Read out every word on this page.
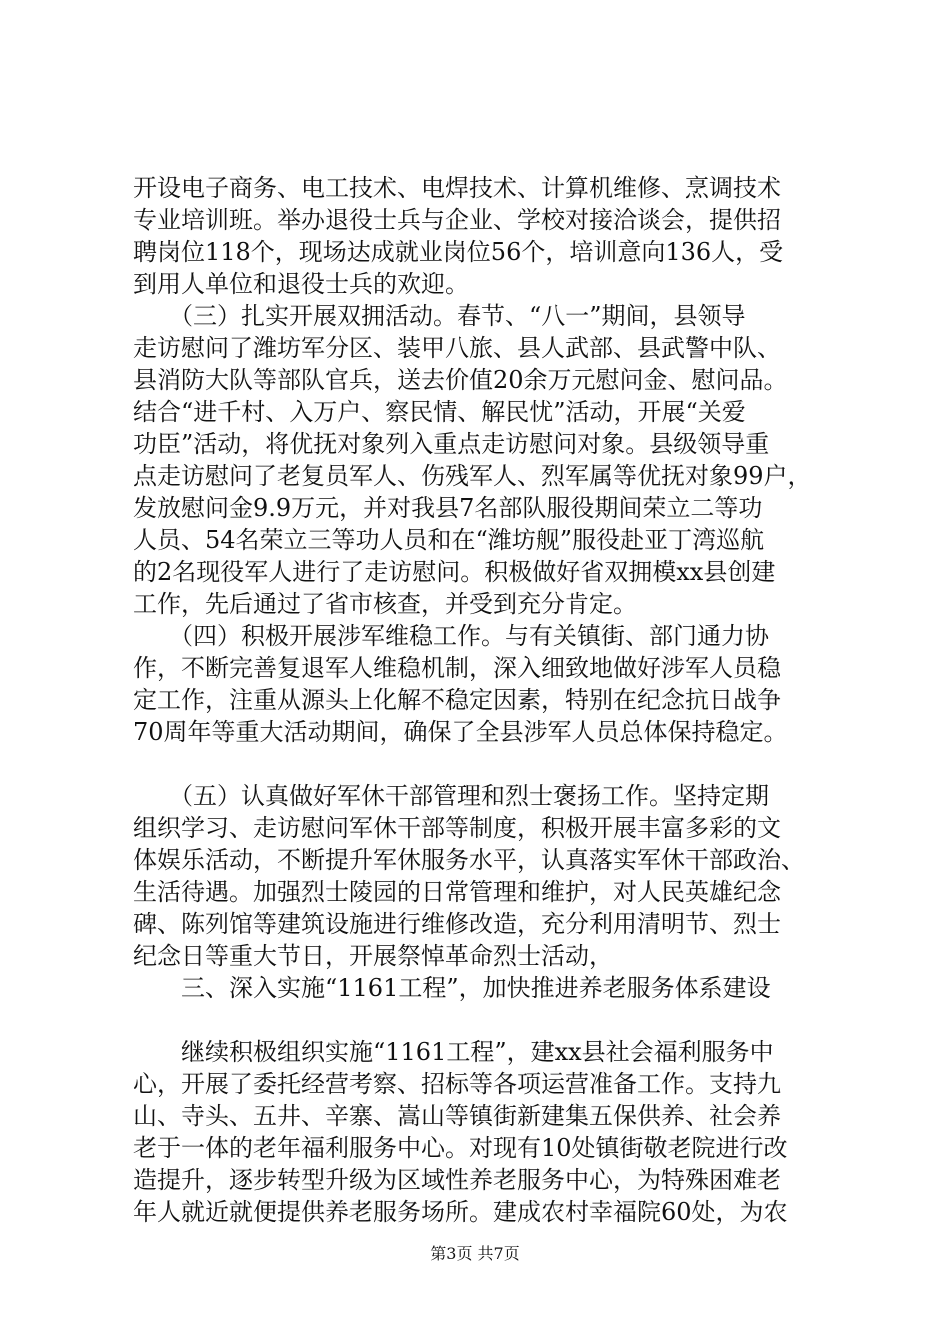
开设电子商务、电工技术、电焊技术、计算机维修、烹调技术
专业培训班。举办退役士兵与企业、学校对接洽谈会，提供招
聘岗位118个，现场达成就业岗位56个，培训意向136人，受
到用人单位和退役士兵的欢迎。

　　（三）扎实开展双拥活动。春节、“八一”期间，县领导
走访慰问了潍坊军分区、装甲八旅、县人武部、县武警中队、
县消防大队等部队官兵，送去价值20余万元慰问金、慰问品。
结合“进千村、入万户、察民情、解民忧”活动，开展“关爱
功臣”活动，将优抚对象列入重点走访慰问对象。县级领导重
点走访慰问了老复员军人、伤残军人、烈军属等优抚对象99户，
发放慰问金9.9万元，并对我县7名部队服役期间荣立二等功
人员、54名荣立三等功人员和在“潍坊舰”服役赴亚丁湾巡航
的2名现役军人进行了走访慰问。积极做好省双拥模xx县创建
工作，先后通过了省市核查，并受到充分肯定。

　　（四）积极开展涉军维稳工作。与有关镇街、部门通力协
作，不断完善复退军人维稳机制，深入细致地做好涉军人员稳
定工作，注重从源头上化解不稳定因素，特别在纪念抗日战争
70周年等重大活动期间，确保了全县涉军人员总体保持稳定。

　　（五）认真做好军休干部管理和烈士褒扬工作。坚持定期
组织学习、走访慰问军休干部等制度，积极开展丰富多彩的文
体娱乐活动，不断提升军休服务水平，认真落实军休干部政治、
生活待遇。加强烈士陵园的日常管理和维护，对人民英雄纪念
碑、陈列馆等建筑设施进行维修改造，充分利用清明节、烈士
纪念日等重大节日，开展祭悼革命烈士活动，

　　三、深入实施“1161工程”，加快推进养老服务体系建设

　　继续积极组织实施“1161工程”，建xx县社会福利服务中
心，开展了委托经营考察、招标等各项运营准备工作。支持九
山、寺头、五井、辛寨、嵩山等镇街新建集五保供养、社会养
老于一体的老年福利服务中心。对现有10处镇街敬老院进行改
造提升，逐步转型升级为区域性养老服务中心，为特殊困难老
年人就近就便提供养老服务场所。建成农村幸福院60处，为农

第3页 共7页
